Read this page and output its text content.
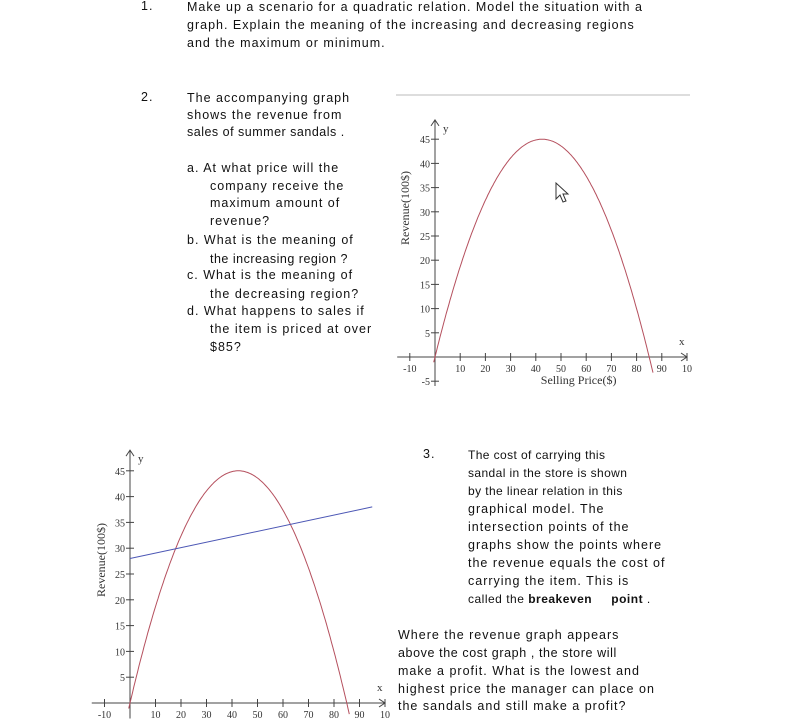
1.	Make up a scenario for a quadratic relation. Model the situation with a

graph. Explain the meaning of the increasing and decreasing regions

and the maximum or minimum.

2.	The accompanying graph

shows the revenue from

sales of summer sandals .

a. At what price will the

company receive the

maximum amount of

revenue?

b. What is the meaning of

the increasing region ?

c. What is the meaning of

the decreasing region?

d. What happens to sales if

the item is priced at over

$85?	x
y
-10	10 20 30 40 50 60 70 80 90 10
-5
5
10
15
20
25
30
35
40
45
Revenue(100$)
Selling Price($)
3.	The cost of carrying this

sandal in the store is shown

by the linear relation in this

graphical model. The

intersection points of the

graphs show the points where

the revenue equals the cost of

carrying the item. This is

called the breakeven     point .

Where the revenue graph appears

above the cost graph , the store will

make a profit. What is the lowest and

highest price the manager can place on

the sandals and still make a profit?

x
y
-10	10 20 30 40 50 60 70 80 90 10
5
10
15
20
25
30
35
40
45
Revenue(100$)
